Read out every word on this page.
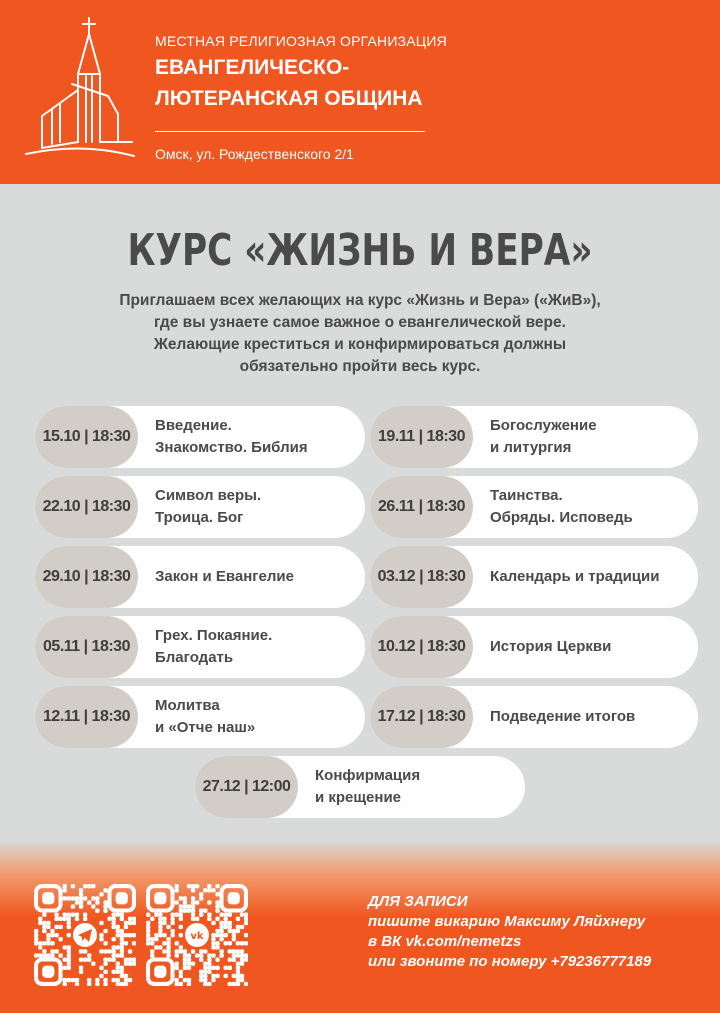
МЕСТНАЯ РЕЛИГИОЗНАЯ ОРГАНИЗАЦИЯ
ЕВАНГЕЛИЧЕСКО-
ЛЮТЕРАНСКАЯ ОБЩИНА
Омск, ул. Рождественского 2/1
КУРС «ЖИЗНЬ И ВЕРА»
Приглашаем всех желающих на курс «Жизнь и Вера» («ЖиВ»),
где вы узнаете самое важное о евангелической вере.
Желающие креститься и конфирмироваться должны
обязательно пройти весь курс.
15.10 | 18:30
Введение.
Знакомство. Библия
19.11 | 18:30
Богослужение
и литургия
22.10 | 18:30
Символ веры.
Троица. Бог
26.11 | 18:30
Таинства.
Обряды. Исповедь
29.10 | 18:30	Закон и Евангелие	03.12 | 18:30	Календарь и традиции
05.11 | 18:30
Грех. Покаяние.
Благодать
10.12 | 18:30	История Церкви
12.11 | 18:30
Молитва
и «Отче наш»
17.12 | 18:30	Подведение итогов
27.12 | 12:00
Конфирмация
и крещение
vk
ДЛЯ ЗАПИСИ
пишите викарию Максиму Ляйхнеру
в ВК vk.com/nemetzs
или звоните по номеру +79236777189
